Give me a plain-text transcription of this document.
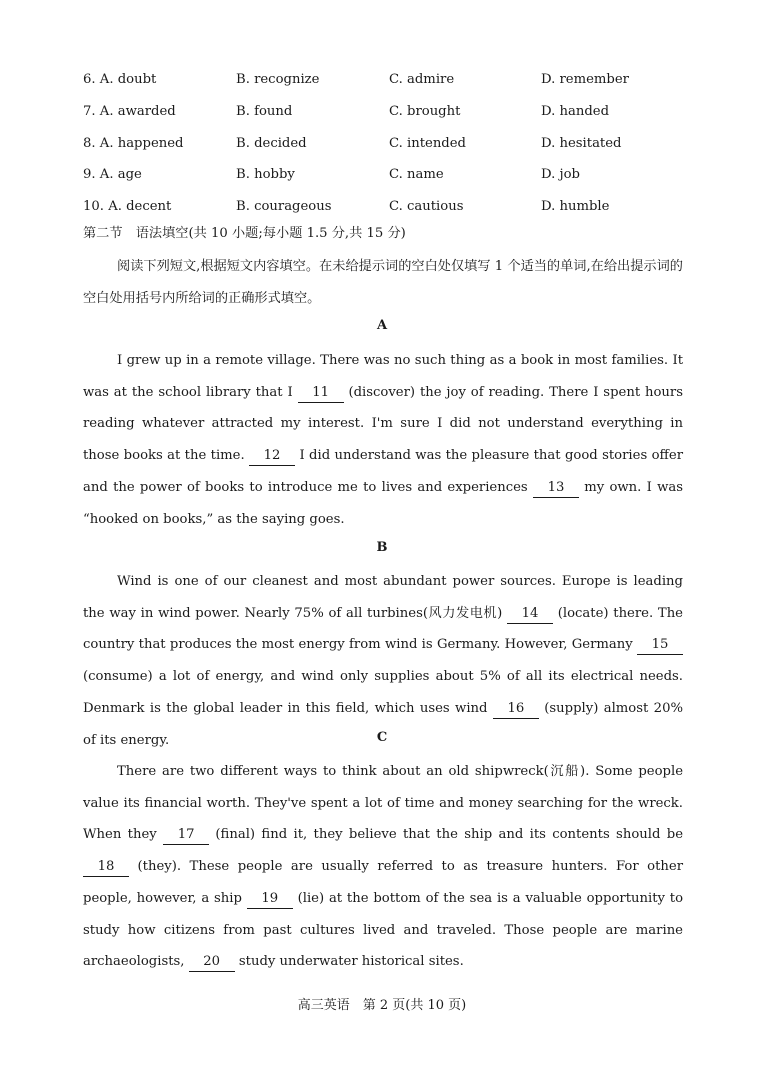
6. A. doubt	B. recognize	C. admire	D. remember
7. A. awarded	B. found	C. brought	D. handed
8. A. happened	B. decided	C. intended	D. hesitated
9. A. age	B. hobby	C. name	D. job
10. A. decent	B. courageous	C. cautious	D. humble
第二节　语法填空(共 10 小题;每小题 1.5 分,共 15 分)

阅读下列短文,根据短文内容填空。在未给提示词的空白处仅填写 1 个适当的单词,在给出提示词的空白处用括号内所给词的正确形式填空。

A

I grew up in a remote village. There was no such thing as a book in most families. It was at the school library that I 11 (discover) the joy of reading. There I spent hours reading whatever attracted my interest. I'm sure I did not understand everything in those books at the time. 12 I did understand was the pleasure that good stories offer and the power of books to introduce me to lives and experiences 13 my own. I was “hooked on books,” as the saying goes.

B

Wind is one of our cleanest and most abundant power sources. Europe is leading the way in wind power. Nearly 75% of all turbines(风力发电机) 14 (locate) there. The country that produces the most energy from wind is Germany. However, Germany 15 (consume) a lot of energy, and wind only supplies about 5% of all its electrical needs. Denmark is the global leader in this field, which uses wind 16 (supply) almost 20% of its energy.	C

There are two different ways to think about an old shipwreck(沉船). Some people value its financial worth. They've spent a lot of time and money searching for the wreck. When they 17 (final) find it, they believe that the ship and its contents should be 18 (they). These people are usually referred to as treasure hunters. For other people, however, a ship 19 (lie) at the bottom of the sea is a valuable opportunity to study how citizens from past cultures lived and traveled. Those people are marine archaeologists, 20 study underwater historical sites.

高三英语　第 2 页(共 10 页)
